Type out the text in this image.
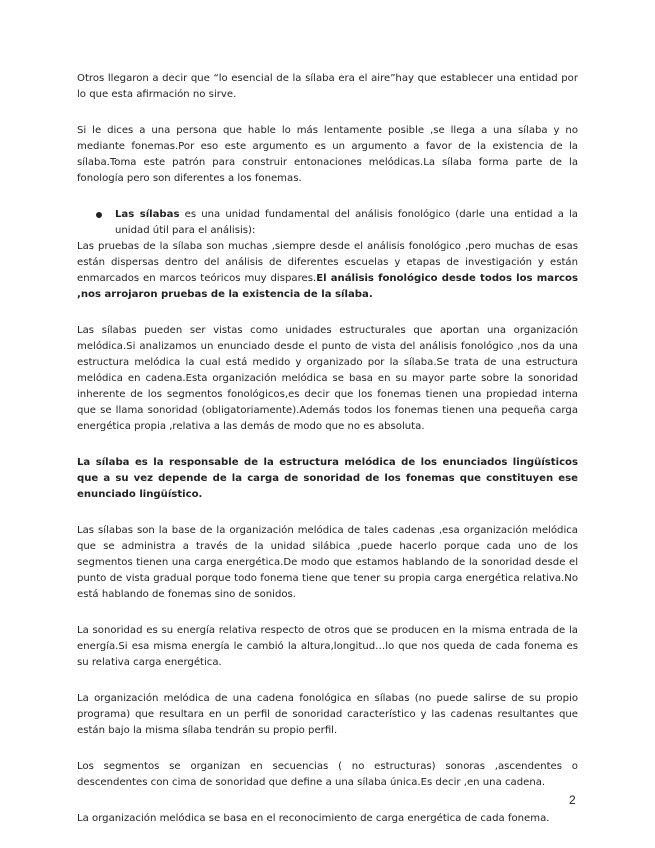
Otros llegaron a decir que “lo esencial de la sílaba era el aire”hay que establecer una entidad por lo que esta afirmación no sirve.

Si le dices a una persona que hable lo más lentamente posible ,se llega a una sílaba y no mediante fonemas.Por eso este argumento es un argumento a favor de la existencia de la sílaba.Toma este patrón para construir entonaciones melódicas.La sílaba forma parte de la fonología pero son diferentes a los fonemas.

Las sílabas es una unidad fundamental del análisis fonológico (darle una entidad a la unidad útil para el análisis):

Las pruebas de la sílaba son muchas ,siempre desde el análisis fonológico ,pero muchas de esas están dispersas dentro del análisis de diferentes escuelas y etapas de investigación y están enmarcados en marcos teóricos muy dispares.El análisis fonológico desde todos los marcos ,nos arrojaron pruebas de la existencia de la sílaba.

Las sílabas pueden ser vistas como unidades estructurales que aportan una organización melódica.Si analizamos un enunciado desde el punto de vista del análisis fonológico ,nos da una estructura melódica la cual está medido y organizado por la sílaba.Se trata de una estructura melódica en cadena.Esta organización melódica se basa en su mayor parte sobre la sonoridad inherente de los segmentos fonológicos,es decir que los fonemas tienen una propiedad interna que se llama sonoridad (obligatoriamente).Además todos los fonemas tienen una pequeña carga energética propia ,relativa a las demás de modo que no es absoluta.

La sílaba es la responsable de la estructura melódica de los enunciados lingüísticos que a su vez depende de la carga de sonoridad de los fonemas que constituyen ese enunciado lingüístico.

Las sílabas son la base de la organización melódica de tales cadenas ,esa organización melódica que se administra a través de la unidad silábica ,puede hacerlo porque cada uno de los segmentos tienen una carga energética.De modo que estamos hablando de la sonoridad desde el punto de vista gradual porque todo fonema tiene que tener su propia carga energética relativa.No está hablando de fonemas sino de sonidos.

La sonoridad es su energía relativa respecto de otros que se producen en la misma entrada de la energía.Si esa misma energía le cambió la altura,longitud…lo que nos queda de cada fonema es su relativa carga energética.

La organización melódica de una cadena fonológica en sílabas (no puede salirse de su propio programa) que resultara en un perfil de sonoridad característico y las cadenas resultantes que están bajo la misma sílaba tendrán su propio perfil.

Los segmentos se organizan en secuencias ( no estructuras) sonoras ,ascendentes o descendentes con cima de sonoridad que define a una sílaba única.Es decir ,en una cadena.

La organización melódica se basa en el reconocimiento de carga energética de cada fonema.

2
